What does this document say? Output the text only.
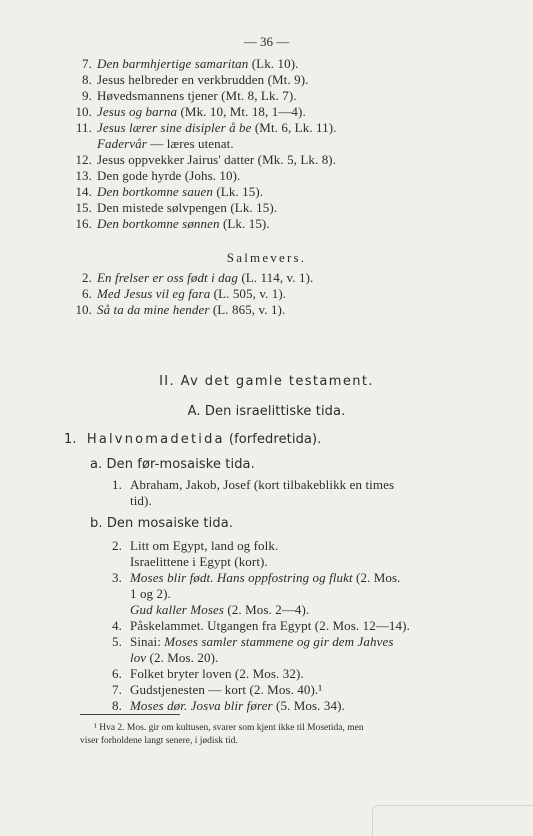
— 36 —
7. Den barmhjertige samaritan (Lk. 10).
8. Jesus helbreder en verkbrudden (Mt. 9).
9. Høvedsmannens tjener (Mt. 8, Lk. 7).
10. Jesus og barna (Mk. 10, Mt. 18, 1—4).
11. Jesus lærer sine disipler å be (Mt. 6, Lk. 11).
Fadervår — læres utenat.
12. Jesus oppvekker Jairus' datter (Mk. 5, Lk. 8).
13. Den gode hyrde (Johs. 10).
14. Den bortkomne sauen (Lk. 15).
15. Den mistede sølvpengen (Lk. 15).
16. Den bortkomne sønnen (Lk. 15).
Salmevers.
2. En frelser er oss født i dag (L. 114, v. 1).
6. Med Jesus vil eg fara (L. 505, v. 1).
10. Så ta da mine hender (L. 865, v. 1).
II. Av det gamle testament.
A. Den israelittiske tida.
1. Halvnomadetida (forfedretida).
a. Den før-mosaiske tida.
1. Abraham, Jakob, Josef (kort tilbakeblikk en times
tid).
b. Den mosaiske tida.
2. Litt om Egypt, land og folk.
Israelittene i Egypt (kort).
3. Moses blir født. Hans oppfostring og flukt (2. Mos.
1 og 2).
Gud kaller Moses (2. Mos. 2—4).
4. Påskelammet. Utgangen fra Egypt (2. Mos. 12—14).
5. Sinai: Moses samler stammene og gir dem Jahves
lov (2. Mos. 20).
6. Folket bryter loven (2. Mos. 32).
7. Gudstjenesten — kort (2. Mos. 40).¹
8. Moses dør. Josva blir fører (5. Mos. 34).
¹ Hva 2. Mos. gir om kultusen, svarer som kjent ikke til Mosetida, men
viser forholdene langt senere, i jødisk tid.
